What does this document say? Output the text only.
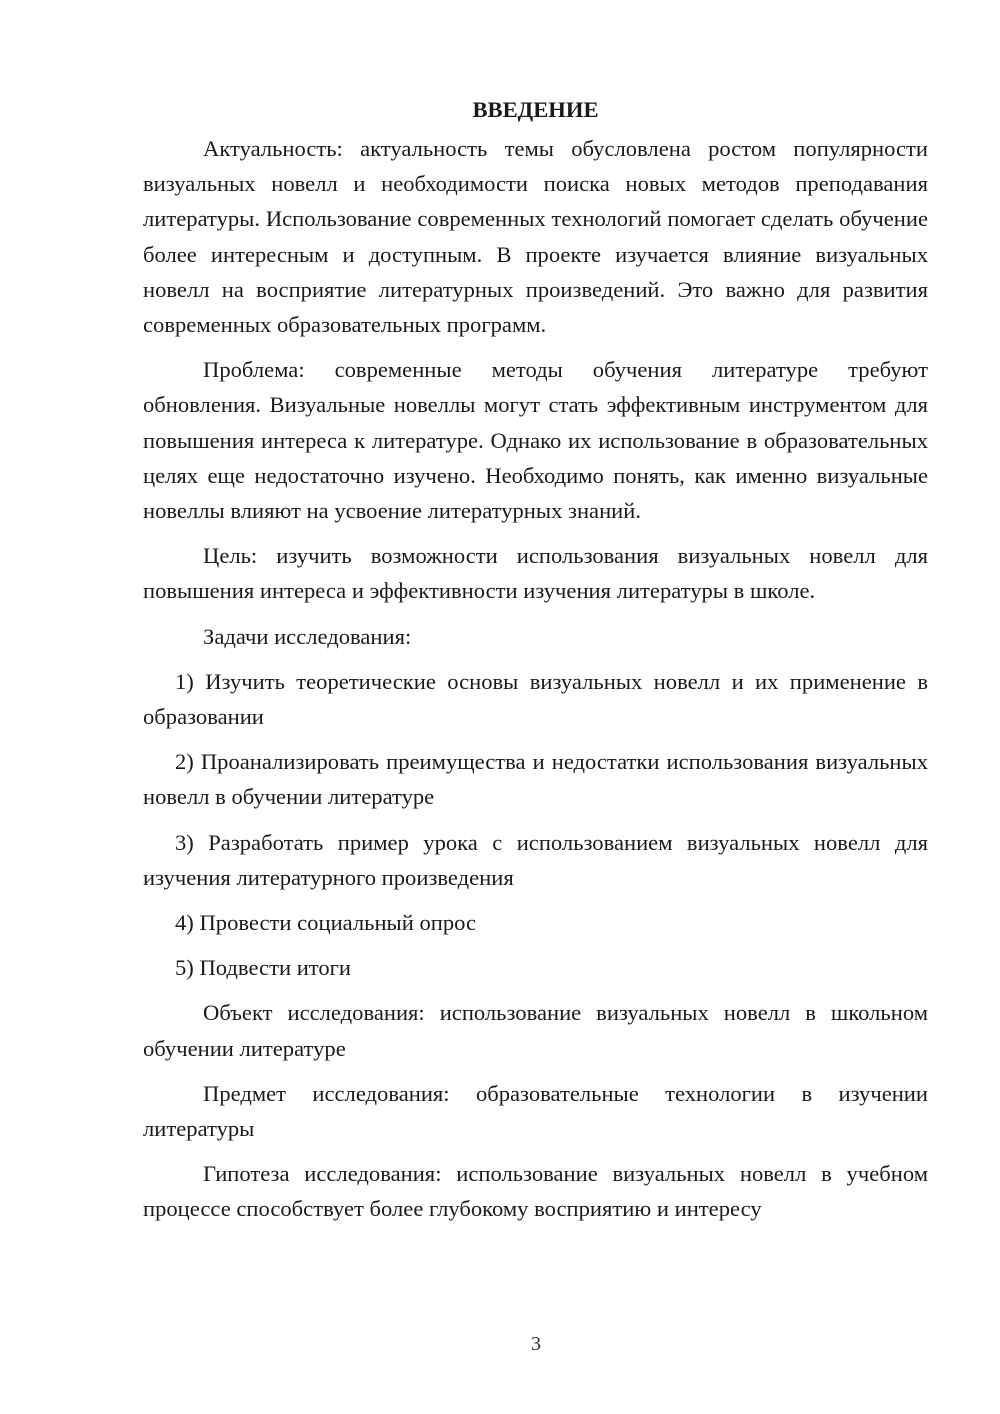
ВВЕДЕНИЕ

Актуальность: актуальность темы обусловлена ростом популярности визуальных новелл и необходимости поиска новых методов преподавания литературы. Использование современных технологий помогает сделать обучение более интересным и доступным. В проекте изучается влияние визуальных новелл на восприятие литературных произведений. Это важно для развития современных образовательных программ.

Проблема: современные методы обучения литературе требуют обновления. Визуальные новеллы могут стать эффективным инструментом для повышения интереса к литературе. Однако их использование в образовательных целях еще недостаточно изучено. Необходимо понять, как именно визуальные новеллы влияют на усвоение литературных знаний.

Цель: изучить возможности использования визуальных новелл для повышения интереса и эффективности изучения литературы в школе.

Задачи исследования:

1) Изучить теоретические основы визуальных новелл и их применение в образовании

2) Проанализировать преимущества и недостатки использования визуальных новелл в обучении литературе

3) Разработать пример урока с использованием визуальных новелл для изучения литературного произведения

4) Провести социальный опрос

5) Подвести итоги

Объект исследования: использование визуальных новелл в школьном обучении литературе

Предмет исследования: образовательные технологии в изучении литературы

Гипотеза исследования: использование визуальных новелл в учебном процессе способствует более глубокому восприятию и интересу

3
